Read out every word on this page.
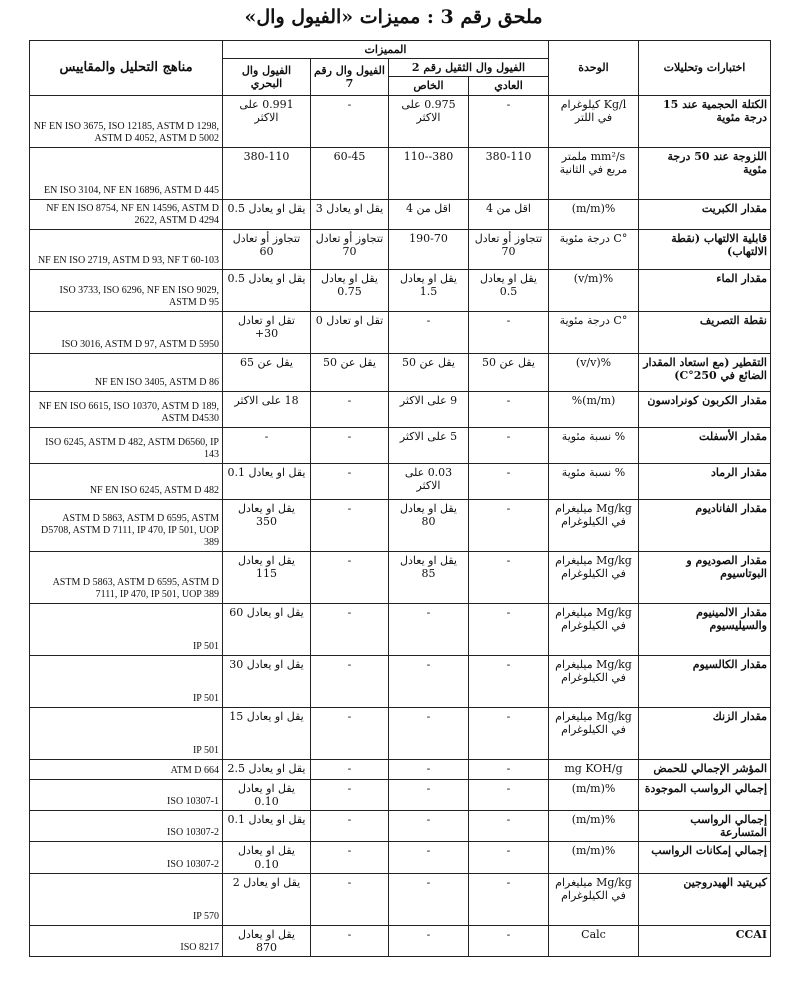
ملحق رقم 3 : مميزات «الفيول وال»
اختبارات وتحليلات	الوحدة	المميزات				مناهج التحليل والمقاييس
		الفيول وال الثقيل رقم 2		الفيول وال رقم 7	الفيول وال البحري	
		العادي	الخاص			
الكتلة الحجمية عند 15 درجة مئوية	Kg/l كيلوغرام في اللتر	-	0.975 على الاكثر	-	0.991 على الاكثر	NF EN ISO 3675, ISO 12185, ASTM D 1298, ASTM D 4052, ASTM D 5002
اللزوجة عند 50 درجة مئوية	mm²/s ملمتر مربع في الثانية	380-110	380--110	60-45	380-110	EN ISO 3104, NF EN 16896, ASTM D 445
مقدار الكبريت	%(m/m)	اقل من 4	اقل من 4	يقل او يعادل 3	يقل او يعادل 0.5	NF EN ISO 8754, NF EN 14596, ASTM D 2622, ASTM D 4294
قابلية الالتهاب (نقطة الالتهاب)	°C درجة مئوية	تتجاوز أو تعادل 70	190-70	تتجاوز أو تعادل 70	تتجاوز أو تعادل 60	NF EN ISO 2719, ASTM D 93, NF T 60-103
مقدار الماء	%(v/m)	يقل او يعادل 0.5	يقل او يعادل 1.5	يقل او يعادل 0.75	يقل او يعادل 0.5	ISO 3733, ISO 6296, NF EN ISO 9029, ASTM D 95
نقطة التصريف	°C درجة مئوية	-	-	تقل او تعادل 0	تقل او تعادل 30+	ISO 3016, ASTM D 97, ASTM D 5950
التقطير (مع استعاد المقدار الضائع في 250°C)	%(v/v)	يقل عن 50	يقل عن 50	يقل عن 50	يقل عن 65	NF EN ISO 3405, ASTM D 86
مقدار الكربون كونرادسون	(m/m)%	-	9 على الاكثر	-	18 على الاكثر	NF EN ISO 6615, ISO 10370, ASTM D 189, ASTM D4530
مقدار الأسفلت	% نسبة مئوية	-	5 على الاكثر	-	-	ISO 6245, ASTM D 482, ASTM D6560, IP 143
مقدار الرماد	% نسبة مئوية	-	0.03 على الاكثر	-	يقل او يعادل 0.1	NF EN ISO 6245, ASTM D 482
مقدار الفاناديوم	Mg/kg ميليغرام في الكيلوغرام	-	يقل او يعادل 80	-	يقل او يعادل 350	ASTM D 5863, ASTM D 6595, ASTM D5708, ASTM D 7111, IP 470, IP 501, UOP 389
مقدار الصوديوم و البوتاسيوم	Mg/kg ميليغرام في الكيلوغرام	-	يقل او يعادل 85	-	يقل او يعادل 115	ASTM D 5863, ASTM D 6595, ASTM D 7111, IP 470, IP 501, UOP 389
مقدار الالمينيوم والسيليسيوم	Mg/kg ميليغرام في الكيلوغرام	-	-	-	يقل او يعادل 60	IP 501
مقدار الكالسيوم	Mg/kg ميليغرام في الكيلوغرام	-	-	-	يقل او يعادل 30	IP 501
مقدار الزنك	Mg/kg ميليغرام في الكيلوغرام	-	-	-	يقل او يعادل 15	IP 501
المؤشر الإجمالي للحمض	mg KOH/g	-	-	-	يقل او يعادل 2.5	ATM D 664
إجمالي الرواسب الموجودة	%(m/m)	-	-	-	يقل او يعادل 0.10	ISO 10307-1
إجمالي الرواسب المتسارعة	%(m/m)	-	-	-	يقل او يعادل 0.1	ISO 10307-2
إجمالي إمكانات الرواسب	%(m/m)	-	-	-	يقل او يعادل 0.10	ISO 10307-2
كبريتيد الهيدروجين	Mg/kg ميليغرام في الكيلوغرام	-	-	-	يقل او يعادل 2	IP 570
CCAI	Calc	-	-	-	يقل او يعادل 870	ISO 8217
